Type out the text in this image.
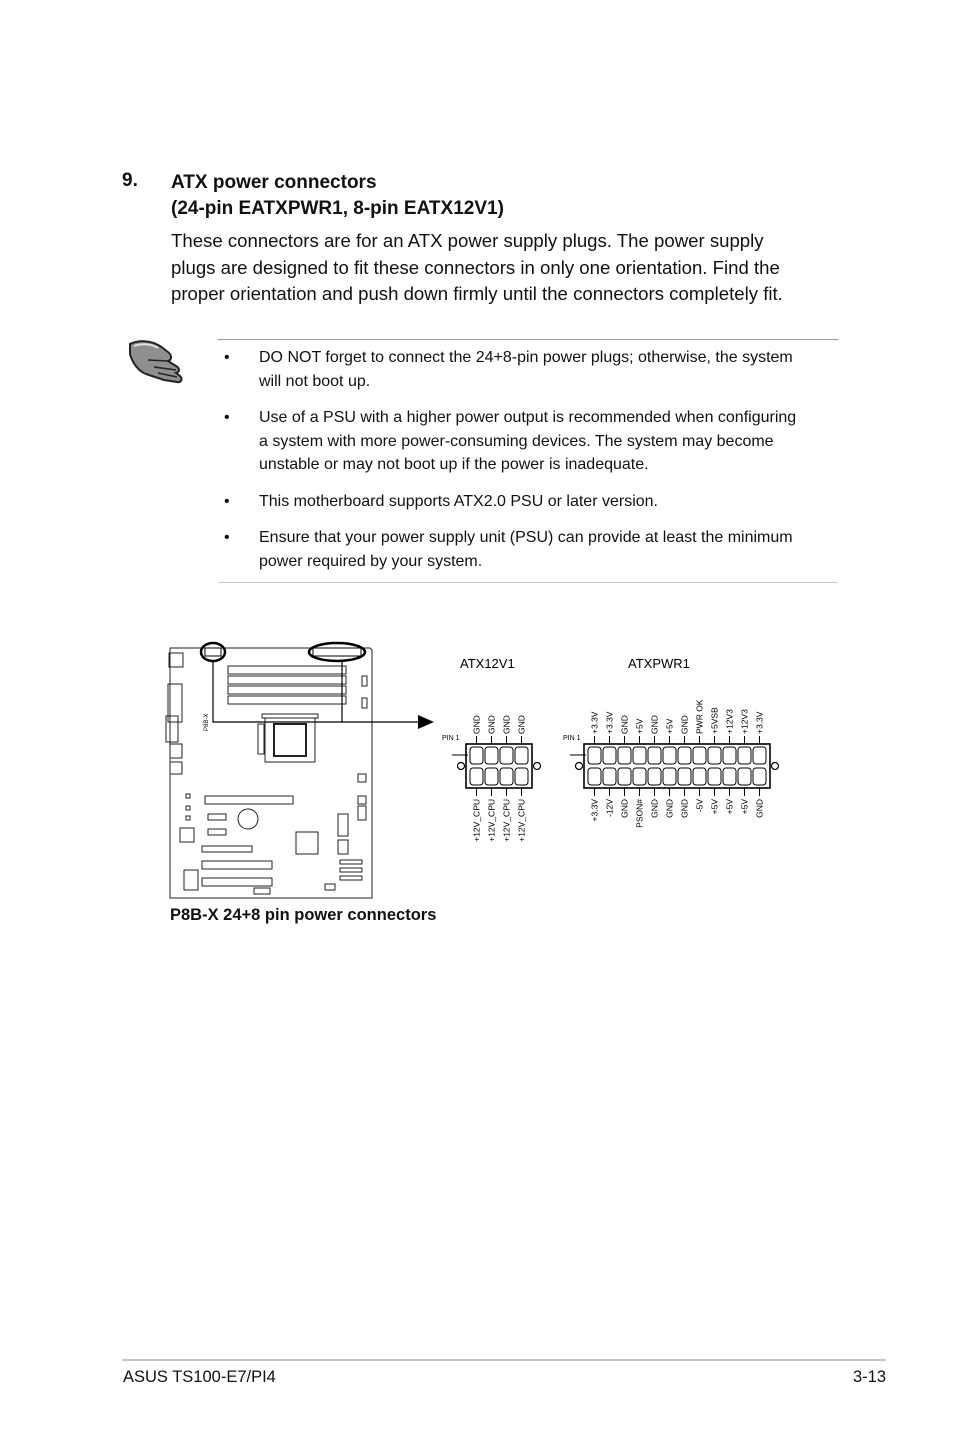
9. ATX power connectors
(24-pin EATXPWR1, 8-pin EATX12V1)
These connectors are for an ATX power supply plugs. The power supply
plugs are designed to fit these connectors in only one orientation. Find the
proper orientation and push down firmly until the connectors completely fit.
• DO NOT forget to connect the 24+8-pin power plugs; otherwise, the system
will not boot up.
• Use of a PSU with a higher power output is recommended when configuring
a system with more power-consuming devices. The system may become
unstable or may not boot up if the power is inadequate.
• This motherboard supports ATX2.0 PSU or later version.
• Ensure that your power supply unit (PSU) can provide at least the minimum
power required by your system.
P8B-X
ATX12V1
PIN 1
GND GND GND GND
+12V_CPU +12V_CPU +12V_CPU +12V_CPU
ATXPWR1
PIN 1
+3.3V +3.3V GND +5V GND +5V GND PWR OK +5VSB +12V3 +12V3 +3.3V
+3.3V -12V GND PSON# GND GND GND -5V +5V +5V +5V GND
P8B-X 24+8 pin power connectors
ASUS TS100-E7/PI4	3-13
